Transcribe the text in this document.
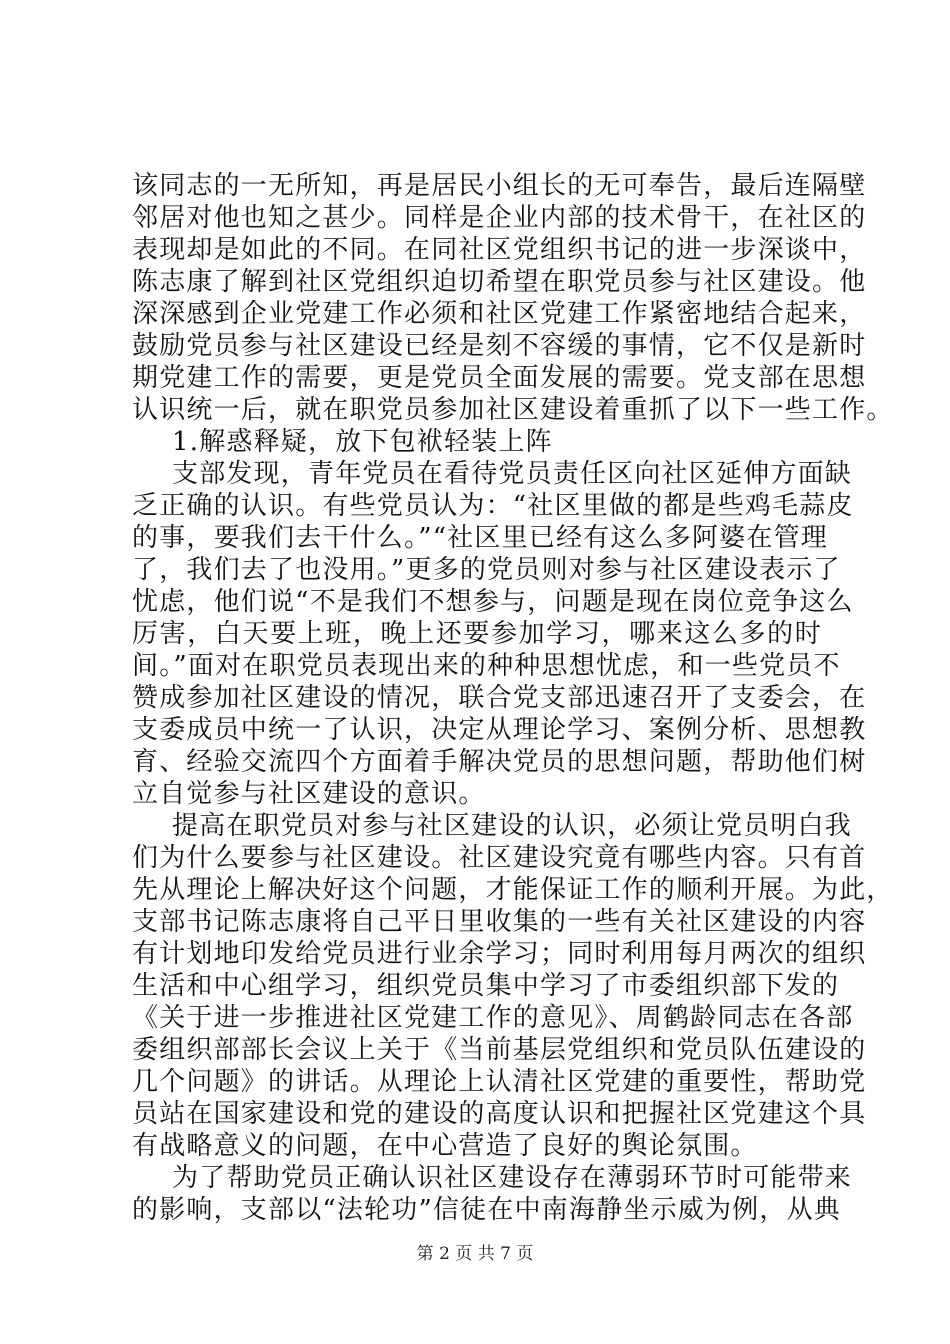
该同志的一无所知，再是居民小组长的无可奉告，最后连隔壁
邻居对他也知之甚少。同样是企业内部的技术骨干，在社区的
表现却是如此的不同。在同社区党组织书记的进一步深谈中，
陈志康了解到社区党组织迫切希望在职党员参与社区建设。他
深深感到企业党建工作必须和社区党建工作紧密地结合起来，
鼓励党员参与社区建设已经是刻不容缓的事情，它不仅是新时
期党建工作的需要，更是党员全面发展的需要。党支部在思想
认识统一后，就在职党员参加社区建设着重抓了以下一些工作。
1.解惑释疑，放下包袱轻装上阵
支部发现，青年党员在看待党员责任区向社区延伸方面缺
乏正确的认识。有些党员认为：“社区里做的都是些鸡毛蒜皮
的事，要我们去干什么。”“社区里已经有这么多阿婆在管理
了，我们去了也没用。”更多的党员则对参与社区建设表示了
忧虑，他们说“不是我们不想参与，问题是现在岗位竞争这么
厉害，白天要上班，晚上还要参加学习，哪来这么多的时
间。”面对在职党员表现出来的种种思想忧虑，和一些党员不
赞成参加社区建设的情况，联合党支部迅速召开了支委会，在
支委成员中统一了认识，决定从理论学习、案例分析、思想教
育、经验交流四个方面着手解决党员的思想问题，帮助他们树
立自觉参与社区建设的意识。
提高在职党员对参与社区建设的认识，必须让党员明白我
们为什么要参与社区建设。社区建设究竟有哪些内容。只有首
先从理论上解决好这个问题，才能保证工作的顺利开展。为此，
支部书记陈志康将自己平日里收集的一些有关社区建设的内容
有计划地印发给党员进行业余学习；同时利用每月两次的组织
生活和中心组学习，组织党员集中学习了市委组织部下发的
《关于进一步推进社区党建工作的意见》、周鹤龄同志在各部
委组织部部长会议上关于《当前基层党组织和党员队伍建设的
几个问题》的讲话。从理论上认清社区党建的重要性，帮助党
员站在国家建设和党的建设的高度认识和把握社区党建这个具
有战略意义的问题，在中心营造了良好的舆论氛围。
为了帮助党员正确认识社区建设存在薄弱环节时可能带来
的影响，支部以“法轮功”信徒在中南海静坐示威为例，从典
第 2 页 共 7 页
